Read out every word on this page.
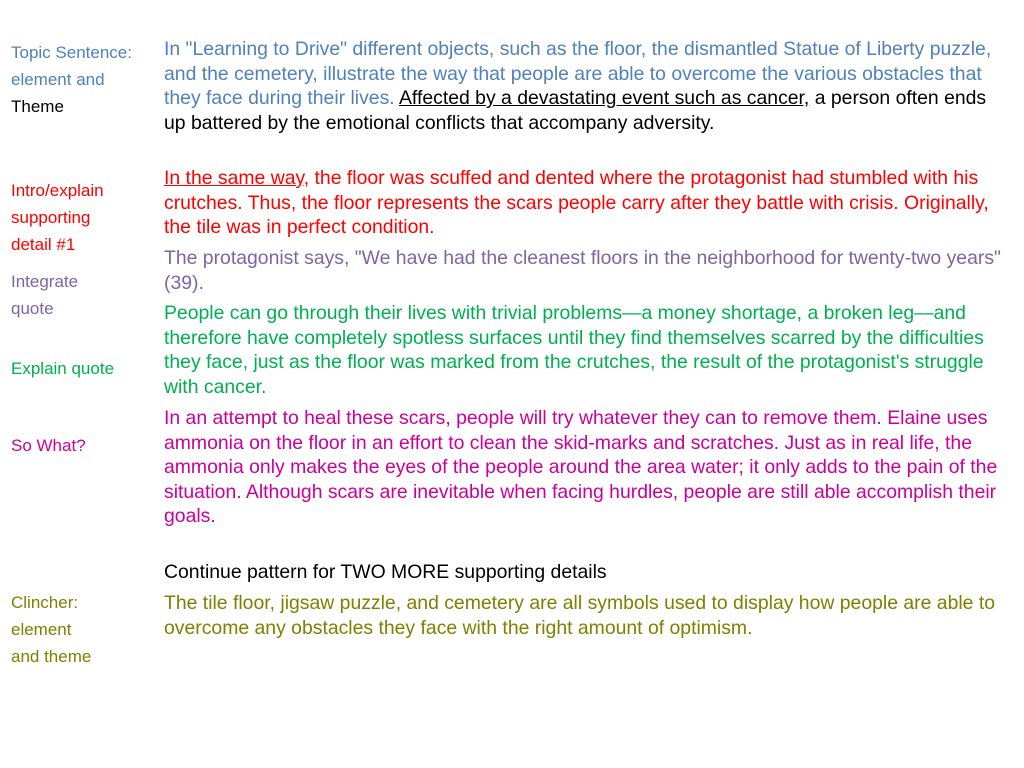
Topic Sentence:
element and
Theme
Intro/explain
supporting
detail #1
Integrate
quote
Explain quote
So What?
Clincher:
element
and theme

In "Learning to Drive" different objects, such as the floor, the dismantled Statue of Liberty puzzle, and the cemetery, illustrate the way that people are able to overcome the various obstacles that they face during their lives. Affected by a devastating event such as cancer, a person often ends up battered by the emotional conflicts that accompany adversity.

In the same way, the floor was scuffed and dented where the protagonist had stumbled with his crutches. Thus, the floor represents the scars people carry after they battle with crisis. Originally, the tile was in perfect condition.

The protagonist says, "We have had the cleanest floors in the neighborhood for twenty-two years" (39).

People can go through their lives with trivial problems—a money shortage, a broken leg—and therefore have completely spotless surfaces until they find themselves scarred by the difficulties they face, just as the floor was marked from the crutches, the result of the protagonist's struggle with cancer.

In an attempt to heal these scars, people will try whatever they can to remove them. Elaine uses ammonia on the floor in an effort to clean the skid-marks and scratches. Just as in real life, the ammonia only makes the eyes of the people around the area water; it only adds to the pain of the situation. Although scars are inevitable when facing hurdles, people are still able accomplish their goals.

Continue pattern for TWO MORE supporting details

The tile floor, jigsaw puzzle, and cemetery are all symbols used to display how people are able to overcome any obstacles they face with the right amount of optimism.
